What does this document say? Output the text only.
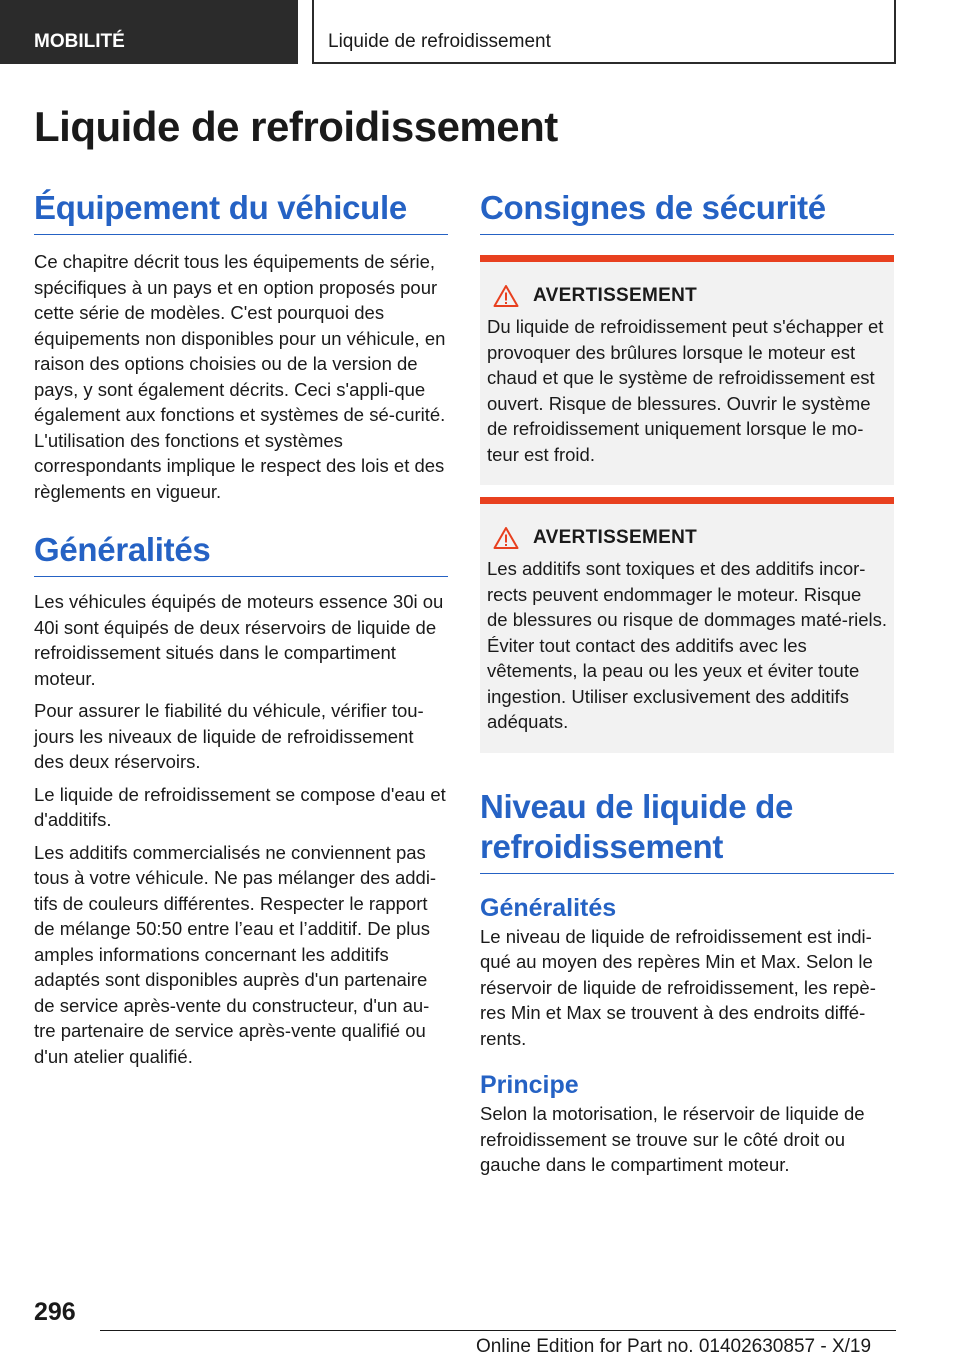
MOBILITÉ	Liquide de refroidissement
Liquide de refroidissement
Équipement du véhicule

Ce chapitre décrit tous les équipements de série, spécifiques à un pays et en option proposés pour cette série de modèles. C'est pourquoi des équipements non disponibles pour un véhicule, en raison des options choisies ou de la version de pays, y sont également décrits. Ceci s'appli-que également aux fonctions et systèmes de sé-curité. L'utilisation des fonctions et systèmes correspondants implique le respect des lois et des règlements en vigueur.

Généralités

Les véhicules équipés de moteurs essence 30i ou 40i sont équipés de deux réservoirs de liquide de refroidissement situés dans le compartiment moteur.

Pour assurer le fiabilité du véhicule, vérifier tou-jours les niveaux de liquide de refroidissement des deux réservoirs.

Le liquide de refroidissement se compose d'eau et d'additifs.

Les additifs commercialisés ne conviennent pas tous à votre véhicule. Ne pas mélanger des addi-tifs de couleurs différentes. Respecter le rapport de mélange 50:50 entre l’eau et l’additif. De plus amples informations concernant les additifs adaptés sont disponibles auprès d'un partenaire de service après-vente du constructeur, d'un au-tre partenaire de service après-vente qualifié ou d'un atelier qualifié.

Consignes de sécurité
AVERTISSEMENT

Du liquide de refroidissement peut s'échapper et provoquer des brûlures lorsque le moteur est chaud et que le système de refroidissement est ouvert. Risque de blessures. Ouvrir le système de refroidissement uniquement lorsque le mo-teur est froid.

AVERTISSEMENT

Les additifs sont toxiques et des additifs incor-rects peuvent endommager le moteur. Risque de blessures ou risque de dommages maté-riels. Éviter tout contact des additifs avec les vêtements, la peau ou les yeux et éviter toute ingestion. Utiliser exclusivement des additifs adéquats.

Niveau de liquide de refroidissement
Généralités

Le niveau de liquide de refroidissement est indi-qué au moyen des repères Min et Max. Selon le réservoir de liquide de refroidissement, les repè-res Min et Max se trouvent à des endroits diffé-rents.

Principe

Selon la motorisation, le réservoir de liquide de refroidissement se trouve sur le côté droit ou gauche dans le compartiment moteur.

296
Online Edition for Part no. 01402630857 - X/19
